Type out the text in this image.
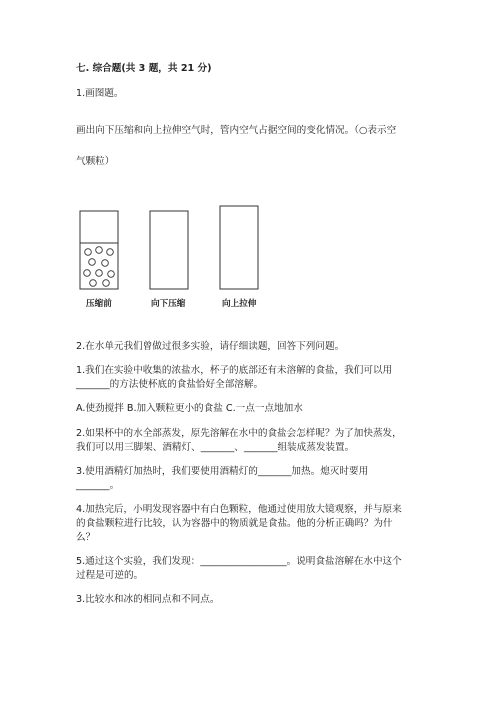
七. 综合题(共 3 题，共 21 分)
1.画图题。
画出向下压缩和向上拉伸空气时，管内空气占据空间的变化情况。（○表示空
气颗粒）
压缩前	向下压缩	向上拉伸
2.在水单元我们曾做过很多实验，请仔细读题，回答下列问题。
1.我们在实验中收集的浓盐水，杯子的底部还有未溶解的食盐，我们可以用
_______的方法使杯底的食盐恰好全部溶解。
A.使劲搅拌 B.加入颗粒更小的食盐 C.一点一点地加水
2.如果杯中的水全部蒸发，原先溶解在水中的食盐会怎样呢？为了加快蒸发，
我们可以用三脚架、酒精灯、_______、_______组装成蒸发装置。
3.使用酒精灯加热时，我们要使用酒精灯的_______加热。熄灭时要用
_______。
4.加热完后，小明发现容器中有白色颗粒，他通过使用放大镜观察，并与原来
的食盐颗粒进行比较，认为容器中的物质就是食盐。他的分析正确吗？为什
么？
5.通过这个实验，我们发现：__________________。说明食盐溶解在水中这个
过程是可逆的。
3.比较水和冰的相同点和不同点。
